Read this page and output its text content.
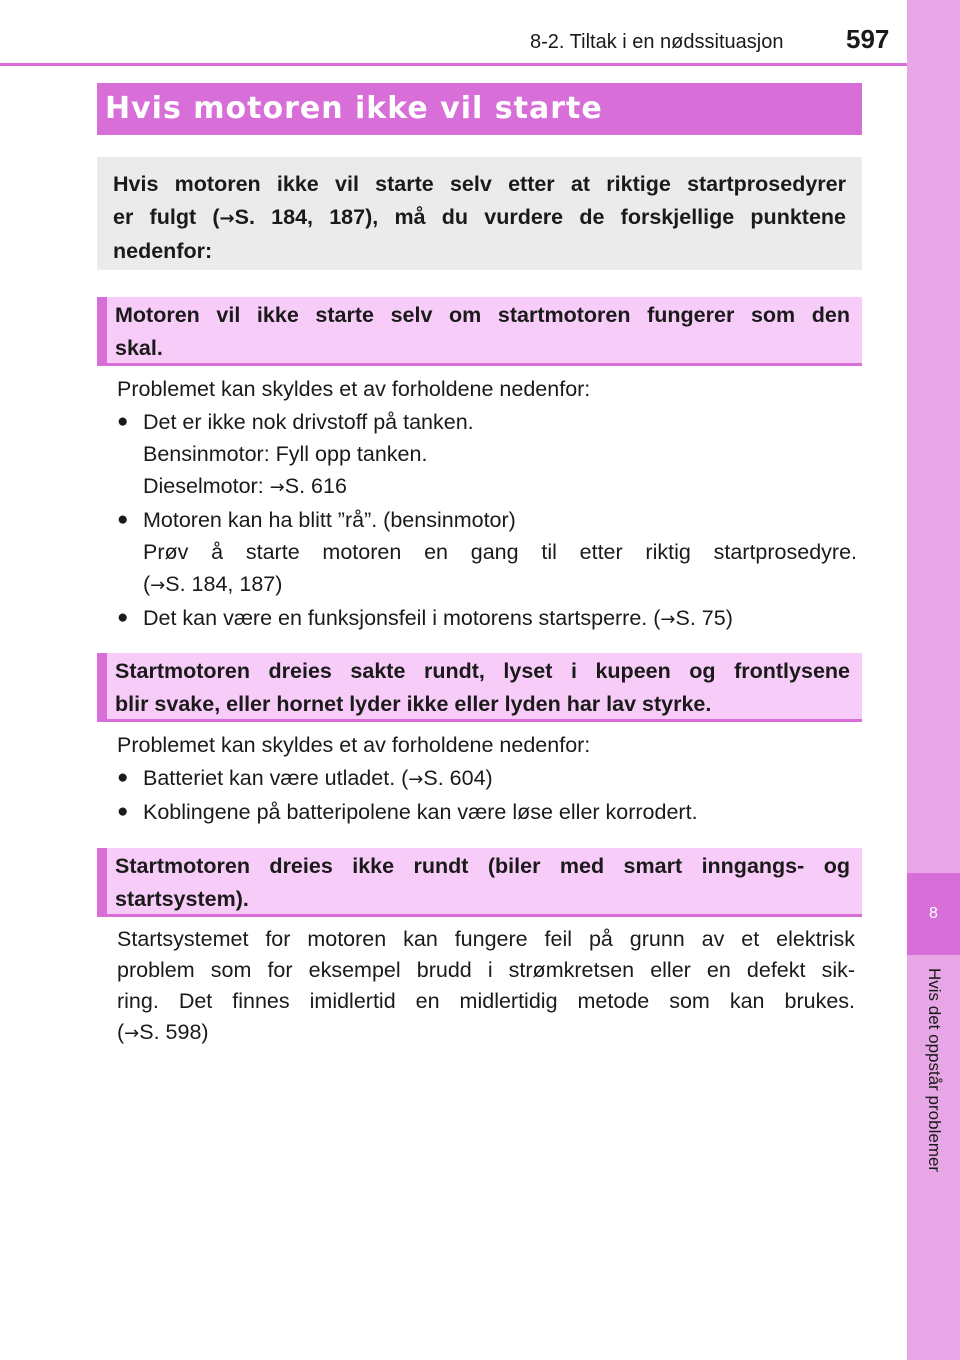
8
Hvis det oppstår problemer
8-2. Tiltak i en nødssituasjon 597
Hvis motoren ikke vil starte
Hvis motoren ikke vil starte selv etter at riktige startprosedyrer
er fulgt (→S. 184, 187), må du vurdere de forskjellige punktene
nedenfor:
Motoren vil ikke starte selv om startmotoren fungerer som den
skal.
Problemet kan skyldes et av forholdene nedenfor:
● Det er ikke nok drivstoff på tanken.
Bensinmotor: Fyll opp tanken.
Dieselmotor: →S. 616
● Motoren kan ha blitt ”rå”. (bensinmotor)
Prøv å starte motoren en gang til etter riktig startprosedyre.
(→S. 184, 187)
● Det kan være en funksjonsfeil i motorens startsperre. (→S. 75)
Startmotoren dreies sakte rundt, lyset i kupeen og frontlysene
blir svake, eller hornet lyder ikke eller lyden har lav styrke.
Problemet kan skyldes et av forholdene nedenfor:
● Batteriet kan være utladet. (→S. 604)
● Koblingene på batteripolene kan være løse eller korrodert.
Startmotoren dreies ikke rundt (biler med smart inngangs- og
startsystem).
Startsystemet for motoren kan fungere feil på grunn av et elektrisk
problem som for eksempel brudd i strømkretsen eller en defekt sik-
ring. Det finnes imidlertid en midlertidig metode som kan brukes.
(→S. 598)
